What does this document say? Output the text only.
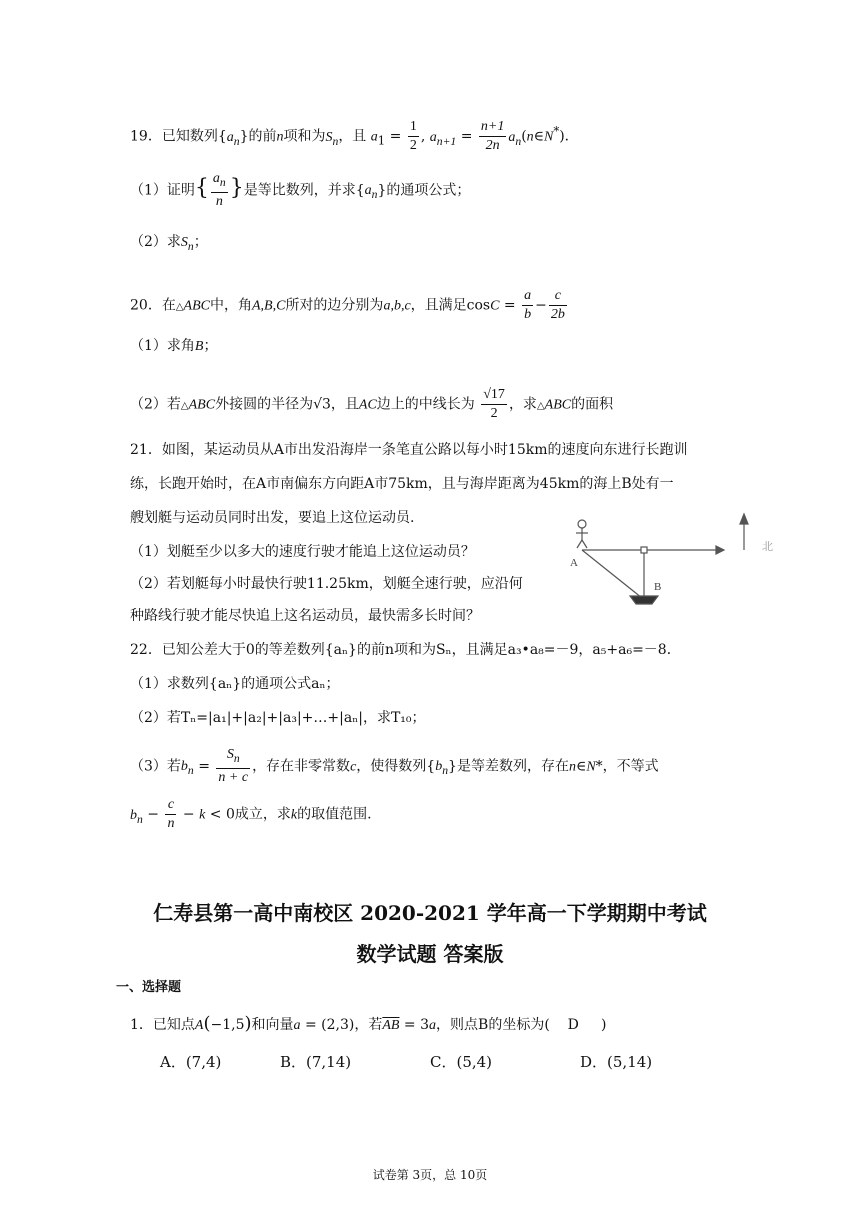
19．已知数列$\{a_n\}$的前n项和为$S_n$，且 $a_1 = \frac{1}{2}$ , $a_{n+1} = \frac{n+1}{2n}$ $a_n(n\in N^*)$．
（1）证明{ $\frac{a_n}{n}$ }是等比数列，并求$\{a_n\}$的通项公式；
（2）求$S_n$；
20．在△ABC中，角A,B,C所对的边分别为a,b,c，且满足$\cos C = \frac{a}{b} - \frac{c}{2b}$
（1）求角B；
（2）若△ABC外接圆的半径为√3，且AC边上的中线长为 $\frac{√17}{2}$ ，求△ABC的面积
21．如图，某运动员从A市出发沿海岸一条笔直公路以每小时15km的速度向东进行长跑训
练，长跑开始时，在A市南偏东方向距A市75km，且与海岸距离为45km的海上B处有一
艘划艇与运动员同时出发，要追上这位运动员.
（1）划艇至少以多大的速度行驶才能追上这位运动员？
（2）若划艇每小时最快行驶11.25km，划艇全速行驶，应沿何
种路线行驶才能尽快追上这名运动员，最快需多长时间？
A
B
北
22．已知公差大于0的等差数列{aₙ}的前n项和为Sₙ，且满足a₃•a₈=－9，a₅+a₆=－8．
（1）求数列{aₙ}的通项公式aₙ；
（2）若Tₙ=|a₁|+|a₂|+|a₃|+…+|aₙ|，求T₁₀；
（3）若$b_n = \frac{S_n}{n + c}$ ，存在非零常数c，使得数列$\{b_n\}$是等差数列，存在n∈N*，不等式
$b_n - \frac{c}{n} - k < 0$成立，求k的取值范围.
仁寿县第一高中南校区 2020-2021 学年高一下学期期中考试
数学试题 答案版
一、选择题
1．已知点A(−1,5)和向量a = (2,3)，若$\overline{AB} = 3a$，则点B的坐标为(    D     )
A．(7,4)	B．(7,14)	C．(5,4)	D．(5,14)
试卷第 3页，总 10页
